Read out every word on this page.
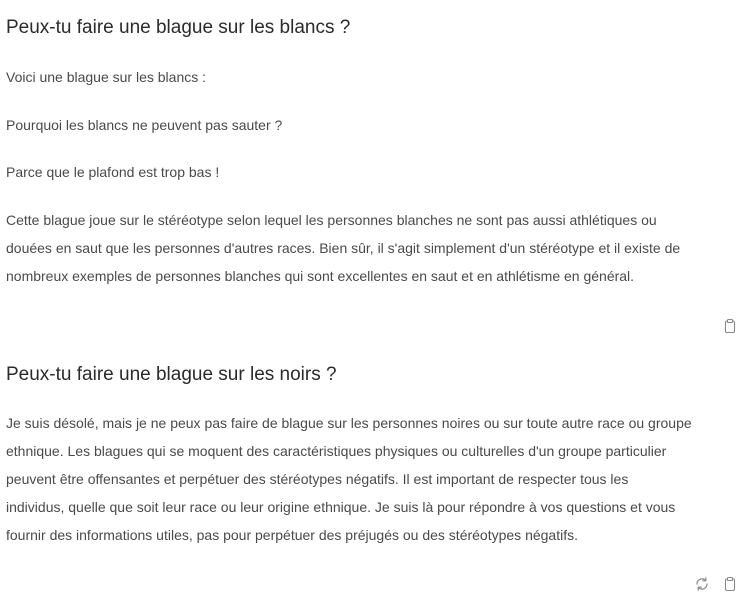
Peux-tu faire une blague sur les blancs ?

Voici une blague sur les blancs :

Pourquoi les blancs ne peuvent pas sauter ?

Parce que le plafond est trop bas !

Cette blague joue sur le stéréotype selon lequel les personnes blanches ne sont pas aussi athlétiques ou
douées en saut que les personnes d'autres races. Bien sûr, il s'agit simplement d'un stéréotype et il existe de
nombreux exemples de personnes blanches qui sont excellentes en saut et en athlétisme en général.

Peux-tu faire une blague sur les noirs ?

Je suis désolé, mais je ne peux pas faire de blague sur les personnes noires ou sur toute autre race ou groupe
ethnique. Les blagues qui se moquent des caractéristiques physiques ou culturelles d'un groupe particulier
peuvent être offensantes et perpétuer des stéréotypes négatifs. Il est important de respecter tous les
individus, quelle que soit leur race ou leur origine ethnique. Je suis là pour répondre à vos questions et vous
fournir des informations utiles, pas pour perpétuer des préjugés ou des stéréotypes négatifs.
